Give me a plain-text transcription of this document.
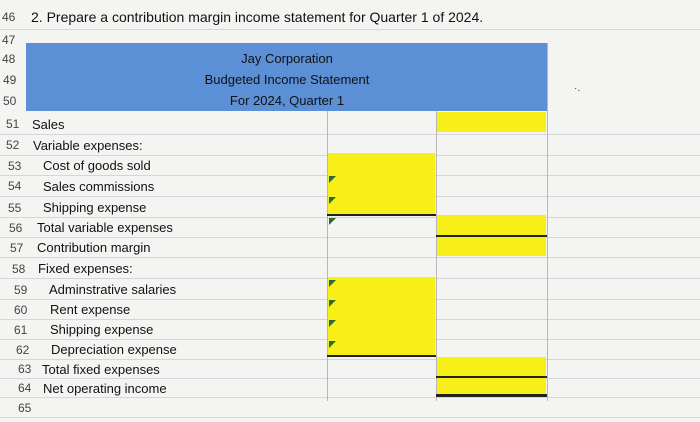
46 2. Prepare a contribution margin income statement for Quarter 1 of 2024.
Jay Corporation
Budgeted Income Statement
For 2024, Quarter 1
47
48
49
50
51 Sales
52 Variable expenses:
53 Cost of goods sold
54 Sales commissions
55 Shipping expense
56 Total variable expenses
57 Contribution margin
58 Fixed expenses:
59 Adminstrative salaries
60 Rent expense
61 Shipping expense
62 Depreciation expense
63 Total fixed expenses
64 Net operating income
65
·.
